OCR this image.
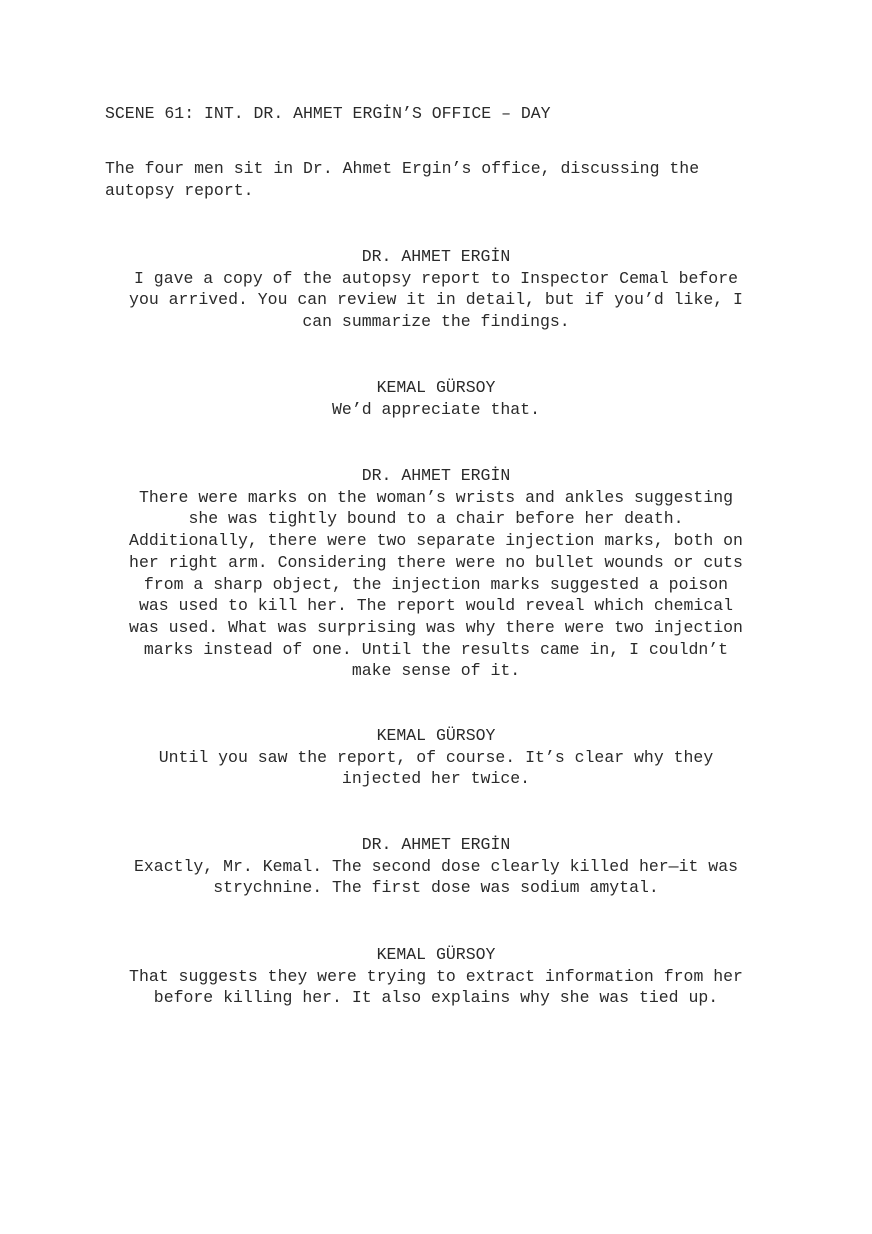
SCENE 61: INT. DR. AHMET ERGİN’S OFFICE – DAY
The four men sit in Dr. Ahmet Ergin’s office, discussing the
autopsy report.
DR. AHMET ERGİN
I gave a copy of the autopsy report to Inspector Cemal before
you arrived. You can review it in detail, but if you’d like, I
can summarize the findings.
KEMAL GÜRSOY
We’d appreciate that.
DR. AHMET ERGİN
There were marks on the woman’s wrists and ankles suggesting
she was tightly bound to a chair before her death.
Additionally, there were two separate injection marks, both on
her right arm. Considering there were no bullet wounds or cuts
from a sharp object, the injection marks suggested a poison
was used to kill her. The report would reveal which chemical
was used. What was surprising was why there were two injection
marks instead of one. Until the results came in, I couldn’t
make sense of it.
KEMAL GÜRSOY
Until you saw the report, of course. It’s clear why they
injected her twice.
DR. AHMET ERGİN
Exactly, Mr. Kemal. The second dose clearly killed her—it was
strychnine. The first dose was sodium amytal.
KEMAL GÜRSOY
That suggests they were trying to extract information from her
before killing her. It also explains why she was tied up.
